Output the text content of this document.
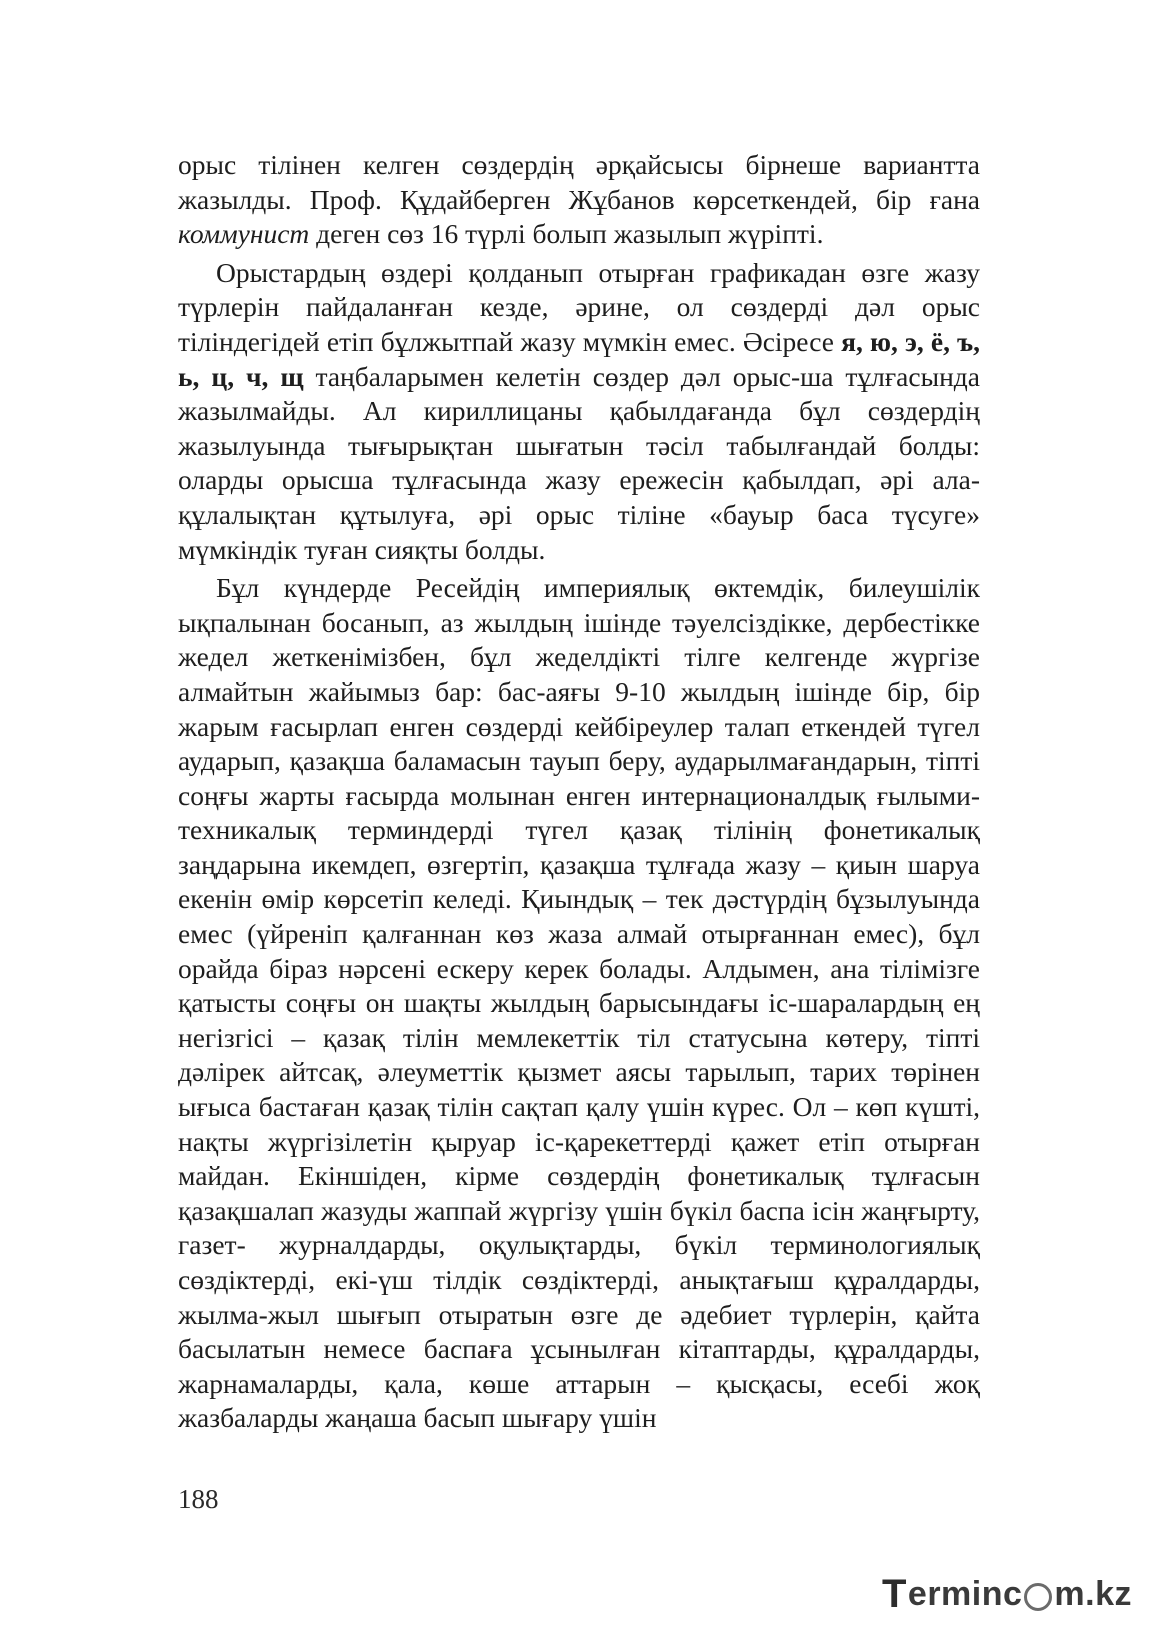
орыс тілінен келген сөздердің әрқайсысы бірнеше вариантта жазылды. Проф. Құдайберген Жұбанов көрсеткендей, бір ғана коммунист деген сөз 16 түрлі болып жазылып жүріпті.

Орыстардың өздері қолданып отырған графикадан өзге жазу түрлерін пайдаланған кезде, әрине, ол сөздерді дәл орыс тіліндегідей етіп бұлжытпай жазу мүмкін емес. Әсіресе я, ю, э, ё, ъ, ь, ц, ч, щ таңбаларымен келетін сөздер дәл орыс-ша тұлғасында жазылмайды. Ал кириллицаны қабылдағанда бұл сөздердің жазылуында тығырықтан шығатын тәсіл табылғандай болды: оларды орысша тұлғасында жазу ережесін қабылдап, әрі ала-құлалықтан құтылуға, әрі орыс тіліне «бауыр баса түсуге» мүмкіндік туған сияқты болды.

Бұл күндерде Ресейдің империялық өктемдік, билеушілік ықпалынан босанып, аз жылдың ішінде тәуелсіздікке, дербестікке жедел жеткенімізбен, бұл жеделдікті тілге келгенде жүргізе алмайтын жайымыз бар: бас-аяғы 9-10 жылдың ішінде бір, бір жарым ғасырлап енген сөздерді кейбіреулер талап еткендей түгел аударып, қазақша баламасын тауып беру, аударылмағандарын, тіпті соңғы жарты ғасырда молынан енген интернационалдық ғылыми-техникалық терминдерді түгел қазақ тілінің фонетикалық заңдарына икемдеп, өзгертіп, қазақша тұлғада жазу – қиын шаруа екенін өмір көрсетіп келеді. Қиындық – тек дәстүрдің бұзылуында емес (үйреніп қалғаннан көз жаза алмай отырғаннан емес), бұл орайда біраз нәрсені ескеру керек болады. Алдымен, ана тілімізге қатысты соңғы он шақты жылдың барысындағы іс-шаралардың ең негізгісі – қазақ тілін мемлекеттік тіл статусына көтеру, тіпті дәлірек айтсақ, әлеуметтік қызмет аясы тарылып, тарих төрінен ығыса бастаған қазақ тілін сақтап қалу үшін күрес. Ол – көп күшті, нақты жүргізілетін қыруар іс-қарекеттерді қажет етіп отырған майдан. Екіншіден, кірме сөздердің фонетикалық тұлғасын қазақшалап жазуды жаппай жүргізу үшін бүкіл баспа ісін жаңғырту, газет- журналдарды, оқулықтарды, бүкіл терминологиялық сөздіктерді, екі-үш тілдік сөздіктерді, анықтағыш құралдарды, жылма-жыл шығып отыратын өзге де әдебиет түрлерін, қайта басылатын немесе баспаға ұсынылған кітаптарды, құралдарды, жарнамаларды, қала, көше аттарын – қысқасы, есебі жоқ жазбаларды жаңаша басып шығару үшін

188
T erminc m.kz
